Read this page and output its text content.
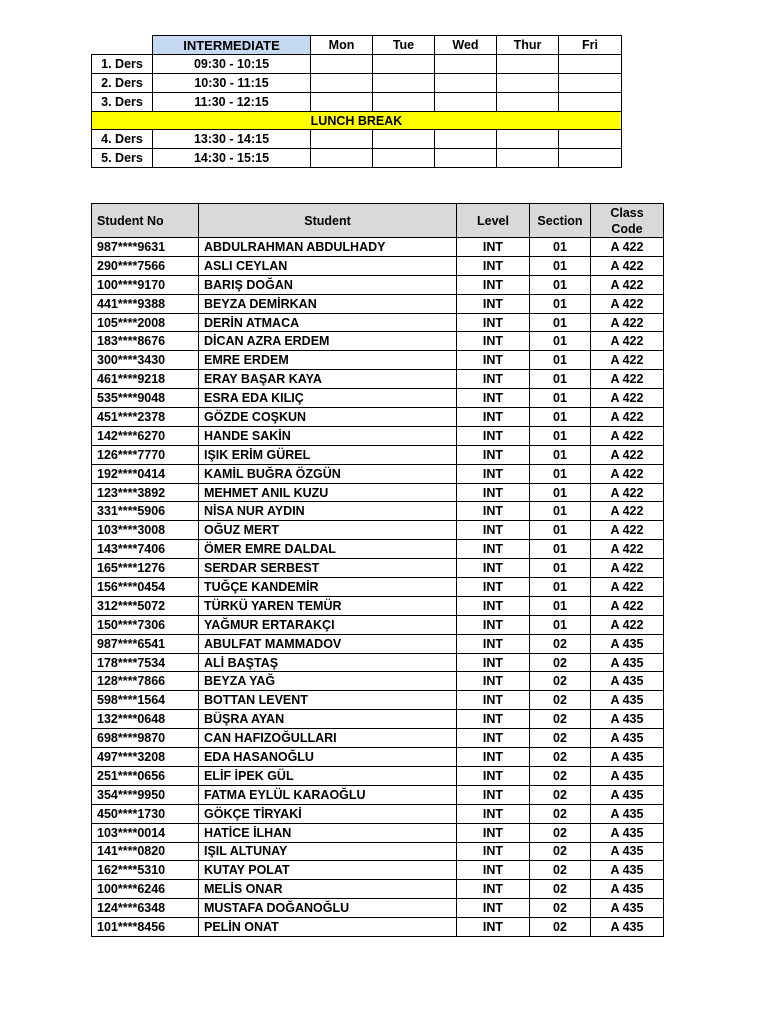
	INTERMEDIATE	Mon	Tue	Wed	Thur	Fri
1. Ders	09:30 - 10:15					
2. Ders	10:30 - 11:15					
3. Ders	11:30 - 12:15					
LUNCH BREAK						
4. Ders	13:30 - 14:15					
5. Ders	14:30 - 15:15					
Student No	Student	Level	Section	Class
Code
987****9631	ABDULRAHMAN ABDULHADY	INT	01	A 422
290****7566	ASLI CEYLAN	INT	01	A 422
100****9170	BARIŞ DOĞAN	INT	01	A 422
441****9388	BEYZA DEMİRKAN	INT	01	A 422
105****2008	DERİN ATMACA	INT	01	A 422
183****8676	DİCAN AZRA ERDEM	INT	01	A 422
300****3430	EMRE ERDEM	INT	01	A 422
461****9218	ERAY BAŞAR KAYA	INT	01	A 422
535****9048	ESRA EDA KILIÇ	INT	01	A 422
451****2378	GÖZDE COŞKUN	INT	01	A 422
142****6270	HANDE SAKİN	INT	01	A 422
126****7770	IŞIK ERİM GÜREL	INT	01	A 422
192****0414	KAMİL BUĞRA ÖZGÜN	INT	01	A 422
123****3892	MEHMET ANIL KUZU	INT	01	A 422
331****5906	NİSA NUR AYDIN	INT	01	A 422
103****3008	OĞUZ MERT	INT	01	A 422
143****7406	ÖMER EMRE DALDAL	INT	01	A 422
165****1276	SERDAR SERBEST	INT	01	A 422
156****0454	TUĞÇE KANDEMİR	INT	01	A 422
312****5072	TÜRKÜ YAREN TEMÜR	INT	01	A 422
150****7306	YAĞMUR ERTARAKÇI	INT	01	A 422
987****6541	ABULFAT MAMMADOV	INT	02	A 435
178****7534	ALİ BAŞTAŞ	INT	02	A 435
128****7866	BEYZA YAĞ	INT	02	A 435
598****1564	BOTTAN LEVENT	INT	02	A 435
132****0648	BÜŞRA AYAN	INT	02	A 435
698****9870	CAN HAFIZOĞULLARI	INT	02	A 435
497****3208	EDA HASANOĞLU	INT	02	A 435
251****0656	ELİF İPEK GÜL	INT	02	A 435
354****9950	FATMA EYLÜL KARAOĞLU	INT	02	A 435
450****1730	GÖKÇE TİRYAKİ	INT	02	A 435
103****0014	HATİCE İLHAN	INT	02	A 435
141****0820	IŞIL ALTUNAY	INT	02	A 435
162****5310	KUTAY POLAT	INT	02	A 435
100****6246	MELİS ONAR	INT	02	A 435
124****6348	MUSTAFA DOĞANOĞLU	INT	02	A 435
101****8456	PELİN ONAT	INT	02	A 435
